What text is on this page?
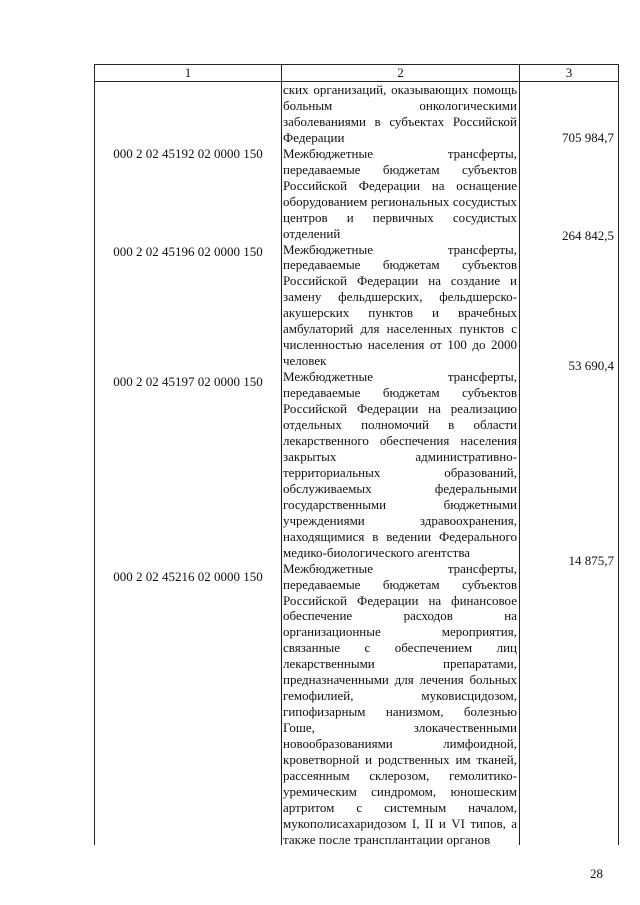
1	2	3

ских организаций, оказывающих помощь больным онкологическими заболеваниями в субъектах Российской Федерации

Межбюджетные трансферты, передаваемые бюджетам субъектов Российской Федерации на оснащение оборудованием региональных сосудистых центров и первичных сосудистых отделений

Межбюджетные трансферты, передаваемые бюджетам субъектов Российской Федерации на создание и замену фельдшерских, фельдшерско-акушерских пунктов и врачебных амбулаторий для населенных пунктов с численностью населения от 100 до 2000 человек

Межбюджетные трансферты, передаваемые бюджетам субъектов Российской Федерации на реализацию отдельных полномочий в области лекарственного обеспечения населения закрытых административно-территориальных образований, обслуживаемых федеральными государственными бюджетными учреждениями здравоохранения, находящимися в ведении Федерального медико-биологического агентства

Межбюджетные трансферты, передаваемые бюджетам субъектов Российской Федерации на финансовое обеспечение расходов на организационные мероприятия, связанные с обеспечением лиц лекарственными препаратами, предназначенными для лечения больных гемофилией, муковисцидозом, гипофизарным нанизмом, болезнью Гоше, злокачественными новообразованиями лимфоидной, кроветворной и родственных им тканей, рассеянным склерозом, гемолитико-уремическим синдромом, юношеским артритом с системным началом, мукополисахаридозом I, II и VI типов, а также после трансплантации органов

000 2 02 45192 02 0000 150
000 2 02 45196 02 0000 150
000 2 02 45197 02 0000 150
000 2 02 45216 02 0000 150
705 984,7
264 842,5
53 690,4
14 875,7
28
